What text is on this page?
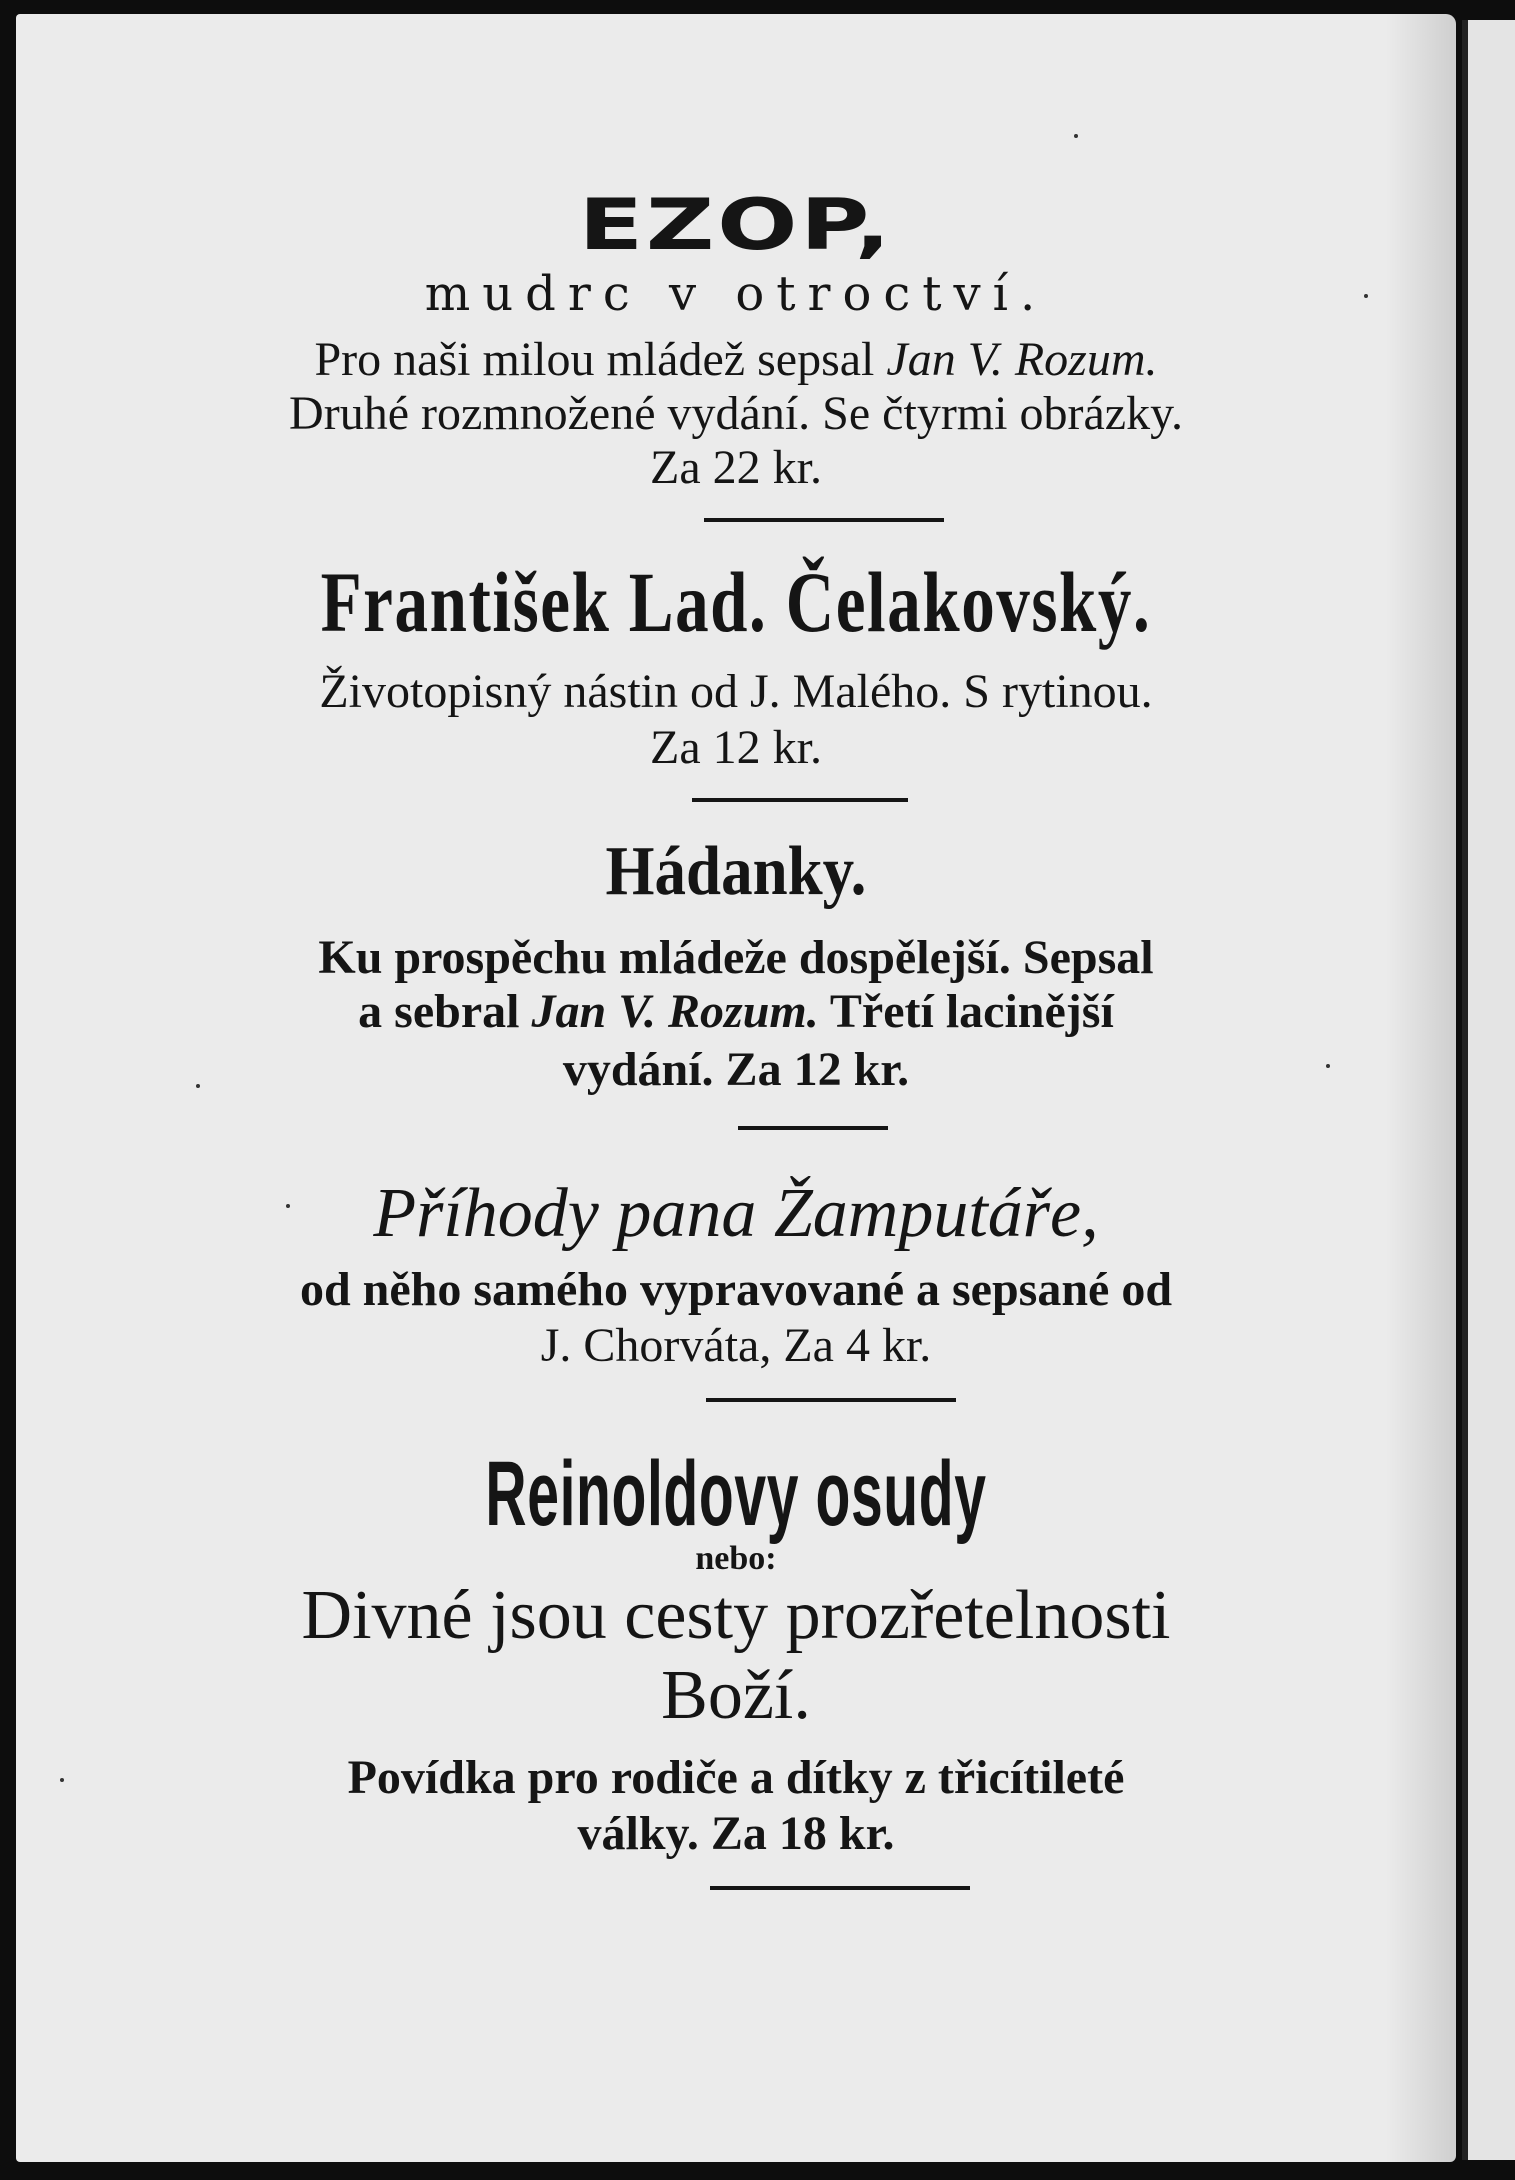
EZOP,
mudrc v otroctví.
Pro naši milou mládež sepsal Jan V. Rozum.
Druhé rozmnožené vydání. Se čtyrmi obrázky.
Za 22 kr.
František Lad. Čelakovský.
Životopisný nástin od J. Malého. S rytinou.
Za 12 kr.
Hádanky.
Ku prospěchu mládeže dospělejší. Sepsal
a sebral Jan V. Rozum. Třetí lacinější
vydání. Za 12 kr.
Příhody pana Žamputáře,
od něho samého vypravované a sepsané od
J. Chorváta, Za 4 kr.
Reinoldovy osudy
nebo:
Divné jsou cesty prozřetelnosti
Boží.
Povídka pro rodiče a dítky z třicítileté
války. Za 18 kr.
